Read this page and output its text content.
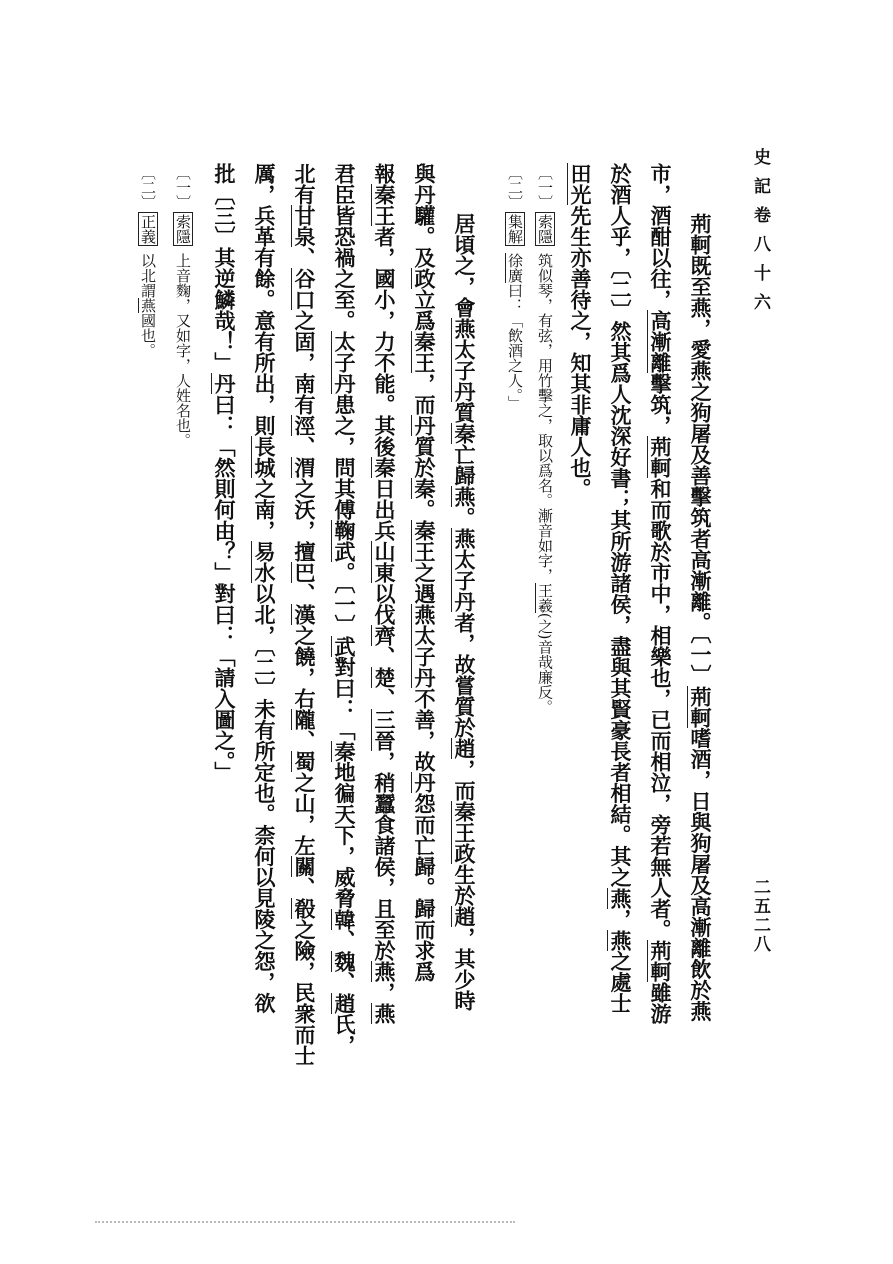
史記卷八十六
二五二八
荊軻既至燕，愛燕之狗屠及善擊筑者高漸離。〔一〕荊軻嗜酒，日與狗屠及高漸離飲於燕
市，酒酣以往，高漸離擊筑，荊軻和而歌於市中，相樂也，已而相泣，旁若無人者。荊軻雖游
於酒人乎，〔二〕然其爲人沈深好書；其所游諸侯，盡與其賢豪長者相結。其之燕，燕之處士
田光先生亦善待之，知其非庸人也。
〔一〕索隱 筑似琴，有弦，用竹擊之，取以爲名。漸音如字，王羲(之)音哉廉反。
〔二〕集解 徐廣曰：「飲酒之人。」
居頃之，會燕太子丹質秦亡歸燕。燕太子丹者，故嘗質於趙，而秦王政生於趙，其少時
與丹驩。及政立爲秦王，而丹質於秦。秦王之遇燕太子丹不善，故丹怨而亡歸。歸而求爲
報秦王者，國小，力不能。其後秦日出兵山東以伐齊、楚、三晉，稍蠶食諸侯，且至於燕，燕
君臣皆恐禍之至。太子丹患之，問其傅鞠武。〔一〕武對曰：「秦地徧天下，威脅韓、魏、趙氏，
北有甘泉、谷口之固，南有涇、渭之沃，擅巴、漢之饒，右隴、蜀之山，左關、殽之險，民衆而士
厲，兵革有餘。意有所出，則長城之南，易水以北，〔二〕未有所定也。柰何以見陵之怨，欲
批〔三〕其逆鱗哉！」丹曰：「然則何由？」對曰：「請入圖之。」
〔一〕索隱 上音麴，又如字，人姓名也。
〔二〕正義 以北謂燕國也。
